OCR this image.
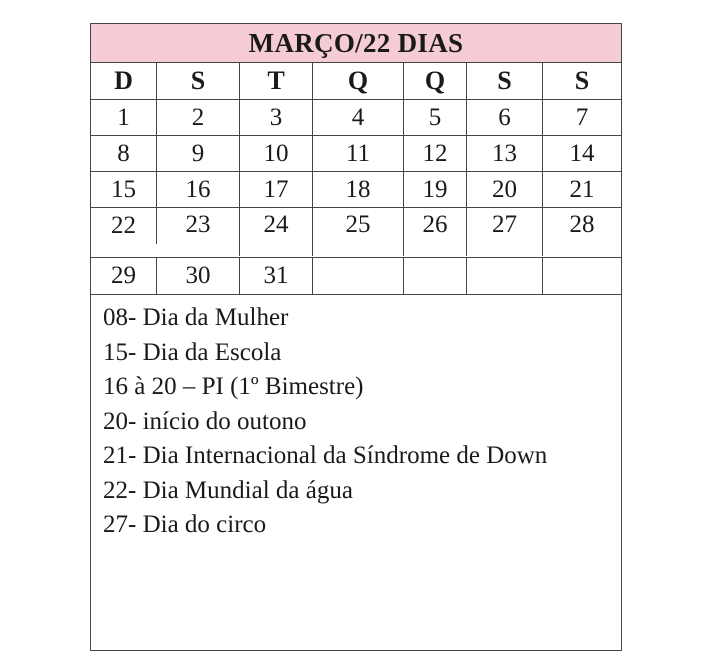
MARÇO/22 DIAS
D	S	T	Q	Q	S	S
1	2	3	4	5	6	7
8	9	10	11	12	13	14
15	16	17	18	19	20	21
22	23	24	25	26	27	28
29	30	31
08- Dia da Mulher
15- Dia da Escola
16 à 20 – PI (1º Bimestre)
20- início do outono
21- Dia Internacional da Síndrome de Down
22- Dia Mundial da água
27- Dia do circo
